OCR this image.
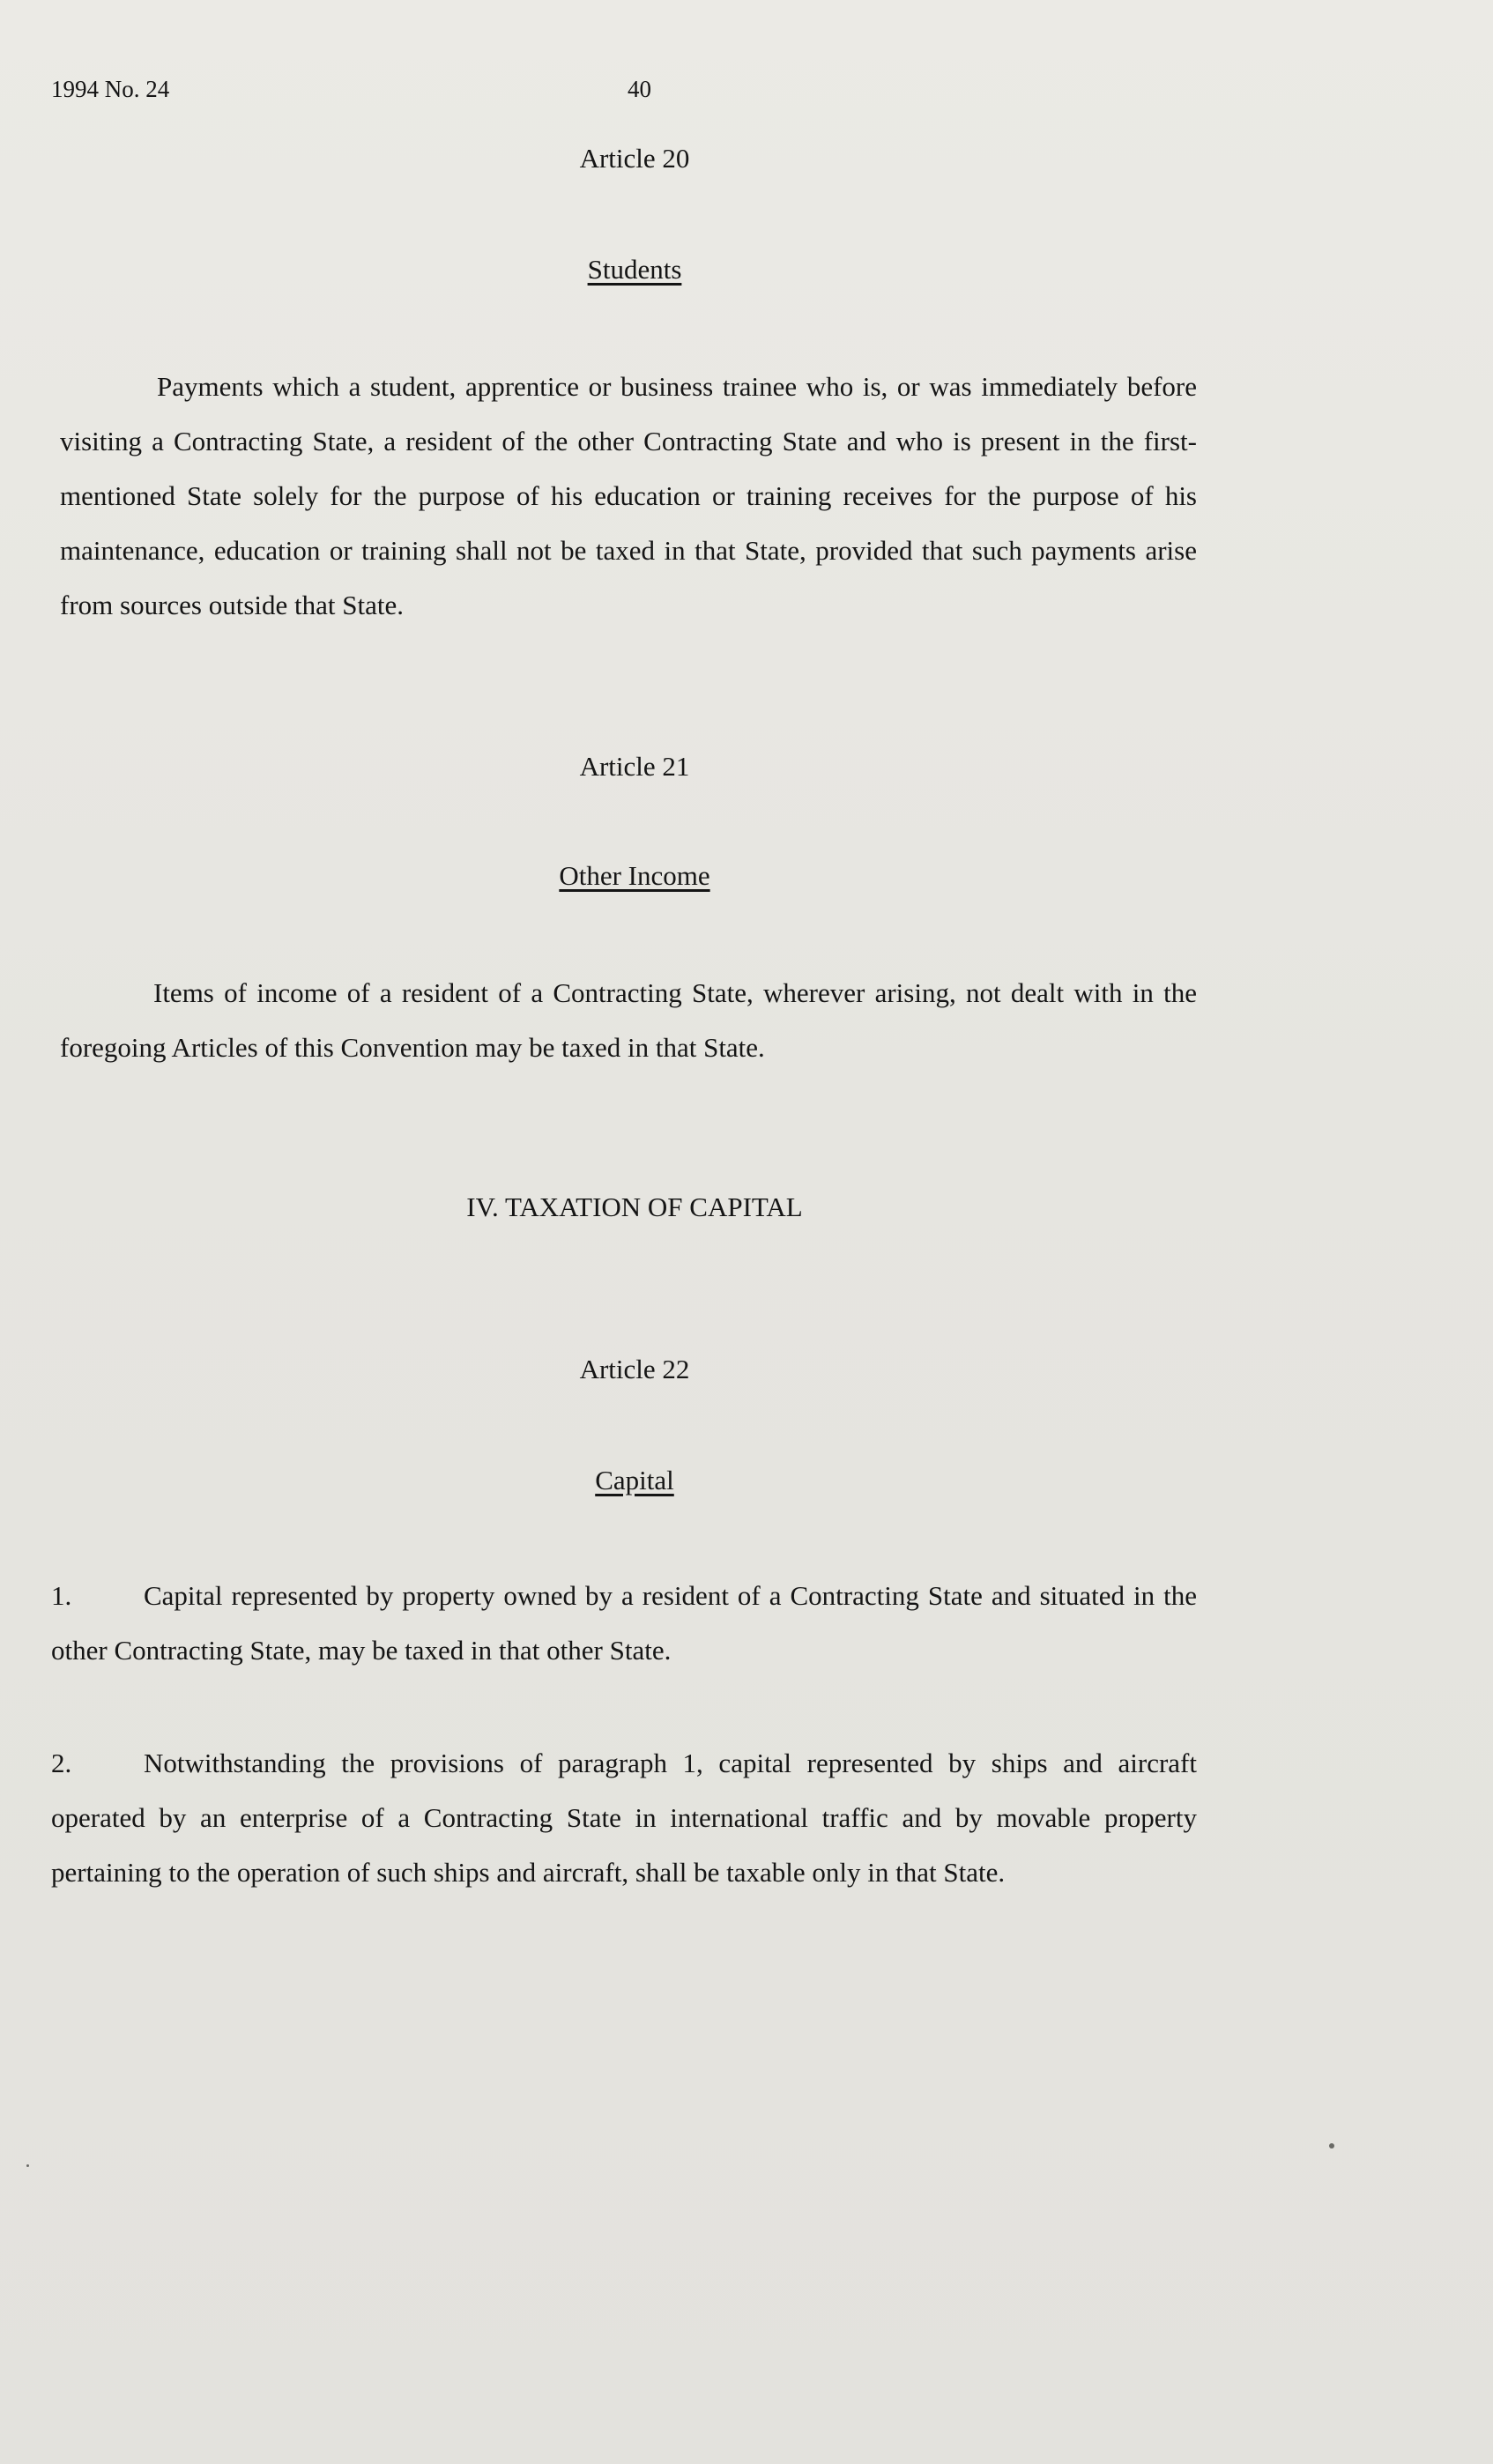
1994 No. 24	40
Article 20
Students

Payments which a student, apprentice or business trainee who is, or was immediately before visiting a Contracting State, a resident of the other Contracting State and who is present in the first-mentioned State solely for the purpose of his education or training receives for the purpose of his maintenance, education or training shall not be taxed in that State, provided that such payments arise from sources outside that State.

Article 21
Other Income

Items of income of a resident of a Contracting State, wherever arising, not dealt with in the foregoing Articles of this Convention may be taxed in that State.

IV. TAXATION OF CAPITAL
Article 22
Capital

1.	Capital represented by property owned by a resident of a Contracting State and situated in the other Contracting State, may be taxed in that other State.

2.	Notwithstanding the provisions of paragraph 1, capital represented by ships and aircraft operated by an enterprise of a Contracting State in international traffic and by movable property pertaining to the operation of such ships and aircraft, shall be taxable only in that State.
